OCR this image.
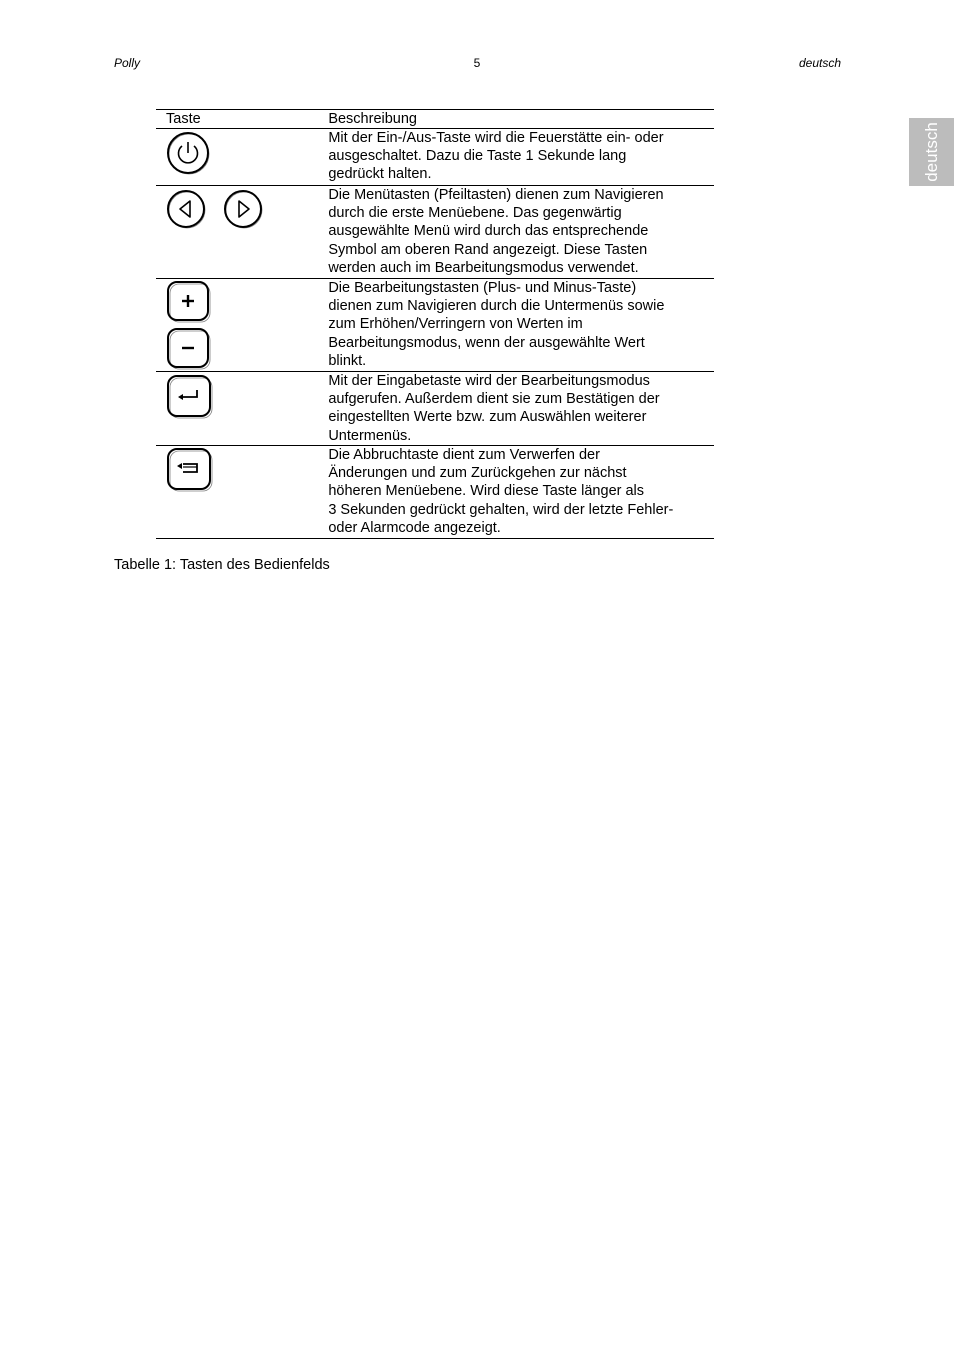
Polly	5	deutsch
deutsch
Taste	Beschreibung

Mit der Ein-/Aus-Taste wird die Feuerstätte ein- oder
ausgeschaltet. Dazu die Taste 1 Sekunde lang
gedrückt halten.

Die Menütasten (Pfeiltasten) dienen zum Navigieren
durch die erste Menüebene. Das gegenwärtig
ausgewählte Menü wird durch das entsprechende
Symbol am oberen Rand angezeigt. Diese Tasten
werden auch im Bearbeitungsmodus verwendet.

Die Bearbeitungstasten (Plus- und Minus-Taste)
dienen zum Navigieren durch die Untermenüs sowie
zum Erhöhen/Verringern von Werten im
Bearbeitungsmodus, wenn der ausgewählte Wert
blinkt.

Mit der Eingabetaste wird der Bearbeitungsmodus
aufgerufen. Außerdem dient sie zum Bestätigen der
eingestellten Werte bzw. zum Auswählen weiterer
Untermenüs.

Die Abbruchtaste dient zum Verwerfen der
Änderungen und zum Zurückgehen zur nächst
höheren Menüebene. Wird diese Taste länger als
3 Sekunden gedrückt gehalten, wird der letzte Fehler-
oder Alarmcode angezeigt.
Tabelle 1: Tasten des Bedienfelds
